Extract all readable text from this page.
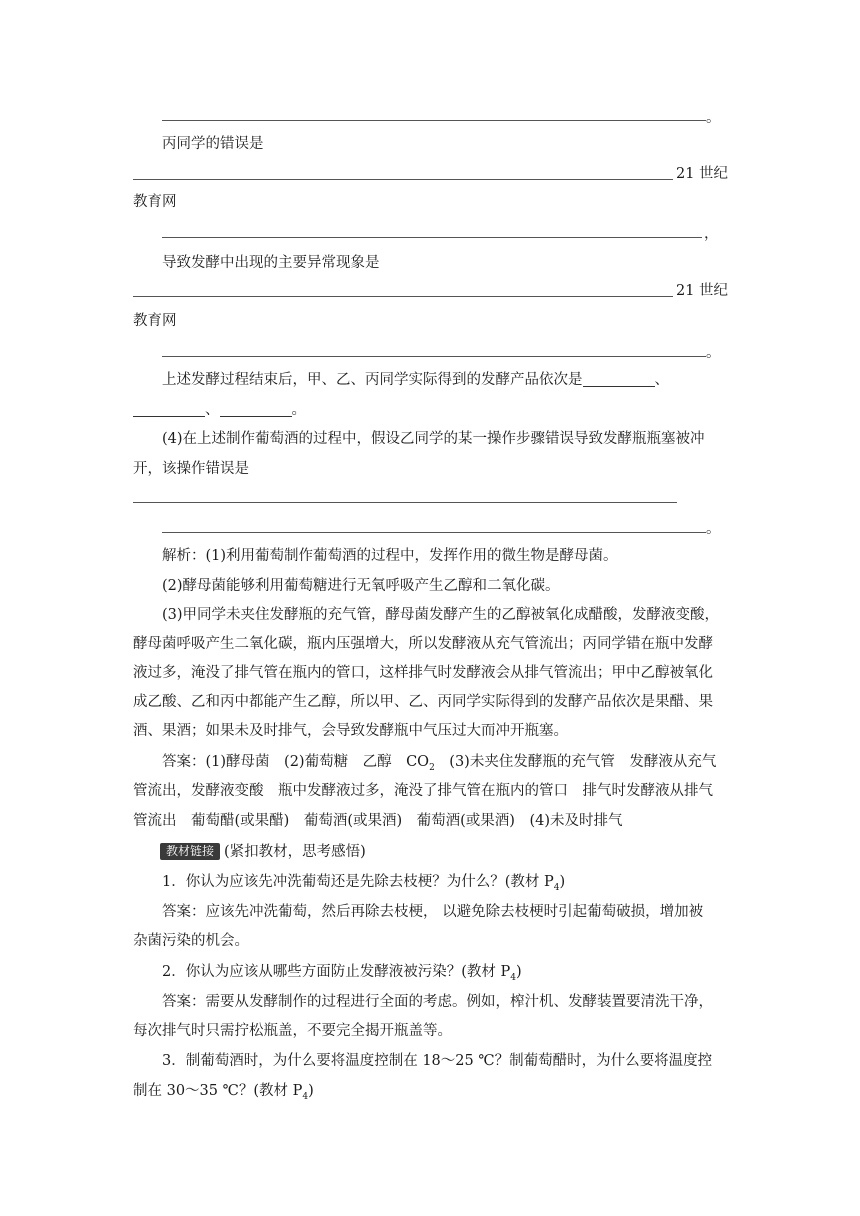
。
丙同学的错误是
21 世纪
教育网
，
导致发酵中出现的主要异常现象是
21 世纪
教育网
。
上述发酵过程结束后，甲、乙、丙同学实际得到的发酵产品依次是	、
、	。
(4)在上述制作葡萄酒的过程中，假设乙同学的某一操作步骤错误导致发酵瓶瓶塞被冲
开，该操作错误是
。
解析：(1)利用葡萄制作葡萄酒的过程中，发挥作用的微生物是酵母菌。
(2)酵母菌能够利用葡萄糖进行无氧呼吸产生乙醇和二氧化碳。
(3)甲同学未夹住发酵瓶的充气管，酵母菌发酵产生的乙醇被氧化成醋酸，发酵液变酸，
酵母菌呼吸产生二氧化碳，瓶内压强增大，所以发酵液从充气管流出；丙同学错在瓶中发酵
液过多，淹没了排气管在瓶内的管口，这样排气时发酵液会从排气管流出；甲中乙醇被氧化
成乙酸、乙和丙中都能产生乙醇，所以甲、乙、丙同学实际得到的发酵产品依次是果醋、果
酒、果酒；如果未及时排气，会导致发酵瓶中气压过大而冲开瓶塞。
答案：(1)酵母菌　(2)葡萄糖　乙醇　$CO_2$　(3)未夹住发酵瓶的充气管　发酵液从充气
管流出，发酵液变酸　瓶中发酵液过多，淹没了排气管在瓶内的管口　排气时发酵液从排气
管流出　葡萄醋(或果醋)　葡萄酒(或果酒)　葡萄酒(或果酒)　(4)未及时排气
教材链接 (紧扣教材，思考感悟)
1．你认为应该先冲洗葡萄还是先除去枝梗？为什么？(教材 $P_4$)
答案：应该先冲洗葡萄，然后再除去枝梗， 以避免除去枝梗时引起葡萄破损，增加被
杂菌污染的机会。
2．你认为应该从哪些方面防止发酵液被污染？(教材 $P_4$)
答案：需要从发酵制作的过程进行全面的考虑。例如，榨汁机、发酵装置要清洗干净，
每次排气时只需拧松瓶盖，不要完全揭开瓶盖等。
3．制葡萄酒时，为什么要将温度控制在 18～25 ℃？制葡萄醋时，为什么要将温度控
制在 30～35 ℃？(教材 $P_4$)
